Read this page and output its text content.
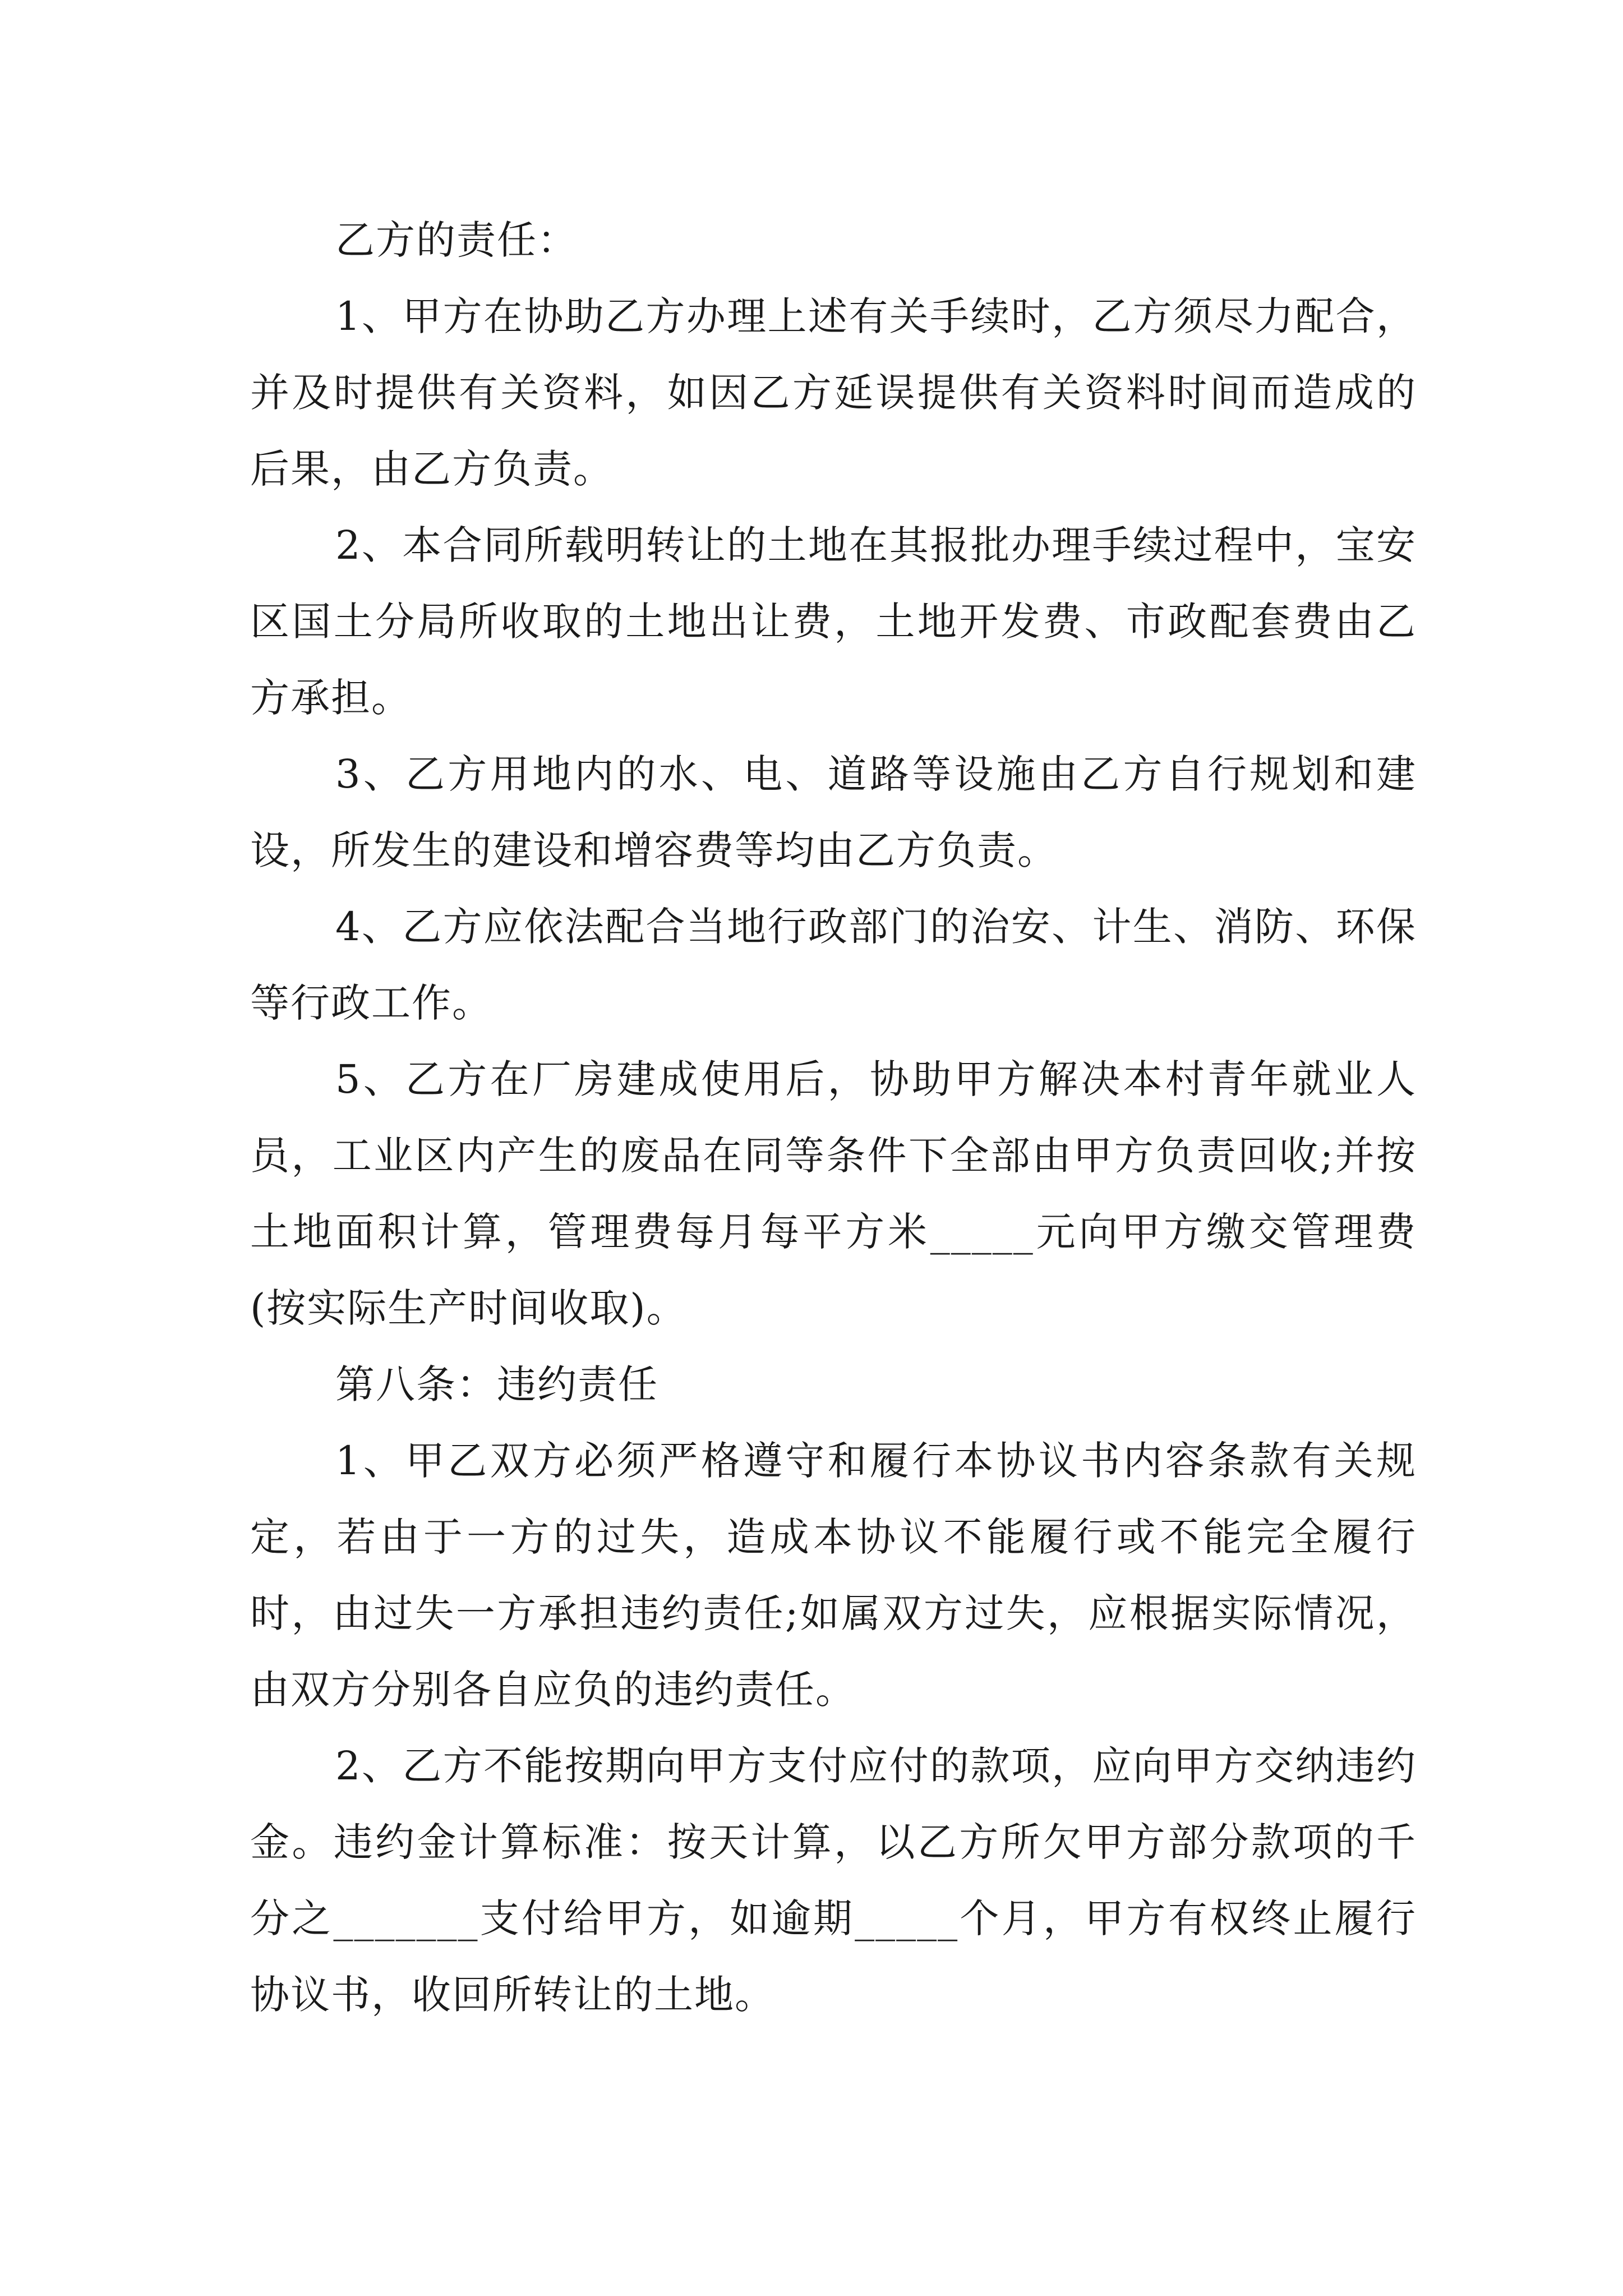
乙方的责任：

1、甲方在协助乙方办理上述有关手续时，乙方须尽力配合，并及时提供有关资料，如因乙方延误提供有关资料时间而造成的后果，由乙方负责。

2、本合同所载明转让的土地在其报批办理手续过程中，宝安区国土分局所收取的土地出让费，土地开发费、市政配套费由乙方承担。

3、乙方用地内的水、电、道路等设施由乙方自行规划和建设，所发生的建设和增容费等均由乙方负责。

4、乙方应依法配合当地行政部门的治安、计生、消防、环保等行政工作。

5、乙方在厂房建成使用后，协助甲方解决本村青年就业人员，工业区内产生的废品在同等条件下全部由甲方负责回收;并按土地面积计算，管理费每月每平方米_____元向甲方缴交管理费(按实际生产时间收取)。

第八条：违约责任

1、甲乙双方必须严格遵守和履行本协议书内容条款有关规定，若由于一方的过失，造成本协议不能履行或不能完全履行时，由过失一方承担违约责任;如属双方过失，应根据实际情况，由双方分别各自应负的违约责任。

2、乙方不能按期向甲方支付应付的款项，应向甲方交纳违约金。违约金计算标准：按天计算，以乙方所欠甲方部分款项的千分之_______支付给甲方，如逾期_____个月，甲方有权终止履行协议书，收回所转让的土地。
